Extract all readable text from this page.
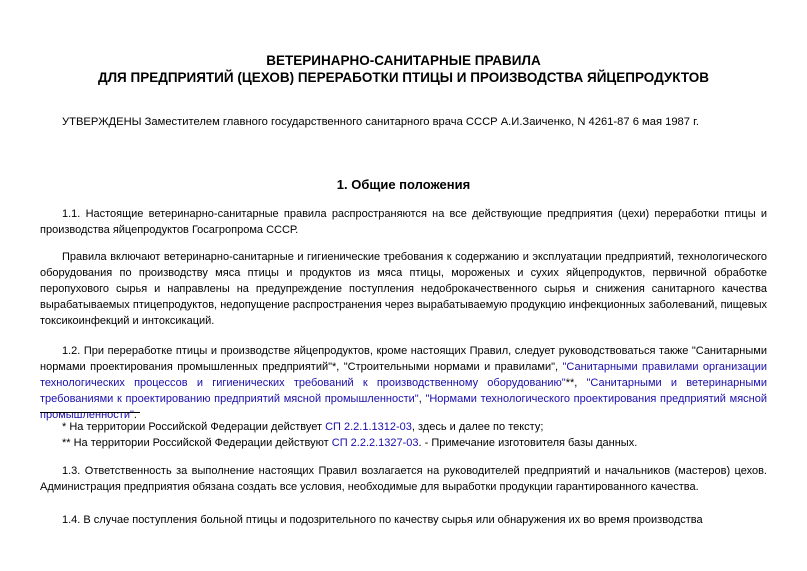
ВЕТЕРИНАРНО-САНИТАРНЫЕ ПРАВИЛА
ДЛЯ ПРЕДПРИЯТИЙ (ЦЕХОВ) ПЕРЕРАБОТКИ ПТИЦЫ И ПРОИЗВОДСТВА ЯЙЦЕПРОДУКТОВ
УТВЕРЖДЕНЫ Заместителем главного государственного санитарного врача СССР А.И.Заиченко, N 4261-87 6 мая 1987 г.
1. Общие положения

1.1. Настоящие ветеринарно-санитарные правила распространяются на все действующие предприятия (цехи) переработки птицы и производства яйцепродуктов Госагропрома СССР.

Правила включают ветеринарно-санитарные и гигиенические требования к содержанию и эксплуатации предприятий, технологического оборудования по производству мяса птицы и продуктов из мяса птицы, мороженых и сухих яйцепродуктов, первичной обработке перопухового сырья и направлены на предупреждение поступления недоброкачественного сырья и снижения санитарного качества вырабатываемых птицепродуктов, недопущение распространения через вырабатываемую продукцию инфекционных заболеваний, пищевых токсикоинфекций и интоксикаций.

1.2. При переработке птицы и производстве яйцепродуктов, кроме настоящих Правил, следует руководствоваться также "Санитарными нормами проектирования промышленных предприятий"*, "Строительными нормами и правилами", "Санитарными правилами организации технологических процессов и гигиенических требований к производственному оборудованию"**, "Санитарными и ветеринарными требованиями к проектированию предприятий мясной промышленности", "Нормами технологического проектирования предприятий мясной промышленности".

* На территории Российской Федерации действует СП 2.2.1.1312-03, здесь и далее по тексту;
** На территории Российской Федерации действуют СП 2.2.2.1327-03. - Примечание изготовителя базы данных.

1.3. Ответственность за выполнение настоящих Правил возлагается на руководителей предприятий и начальников (мастеров) цехов. Администрация предприятия обязана создать все условия, необходимые для выработки продукции гарантированного качества.

1.4. В случае поступления больной птицы и подозрительного по качеству сырья или обнаружения их во время производства
